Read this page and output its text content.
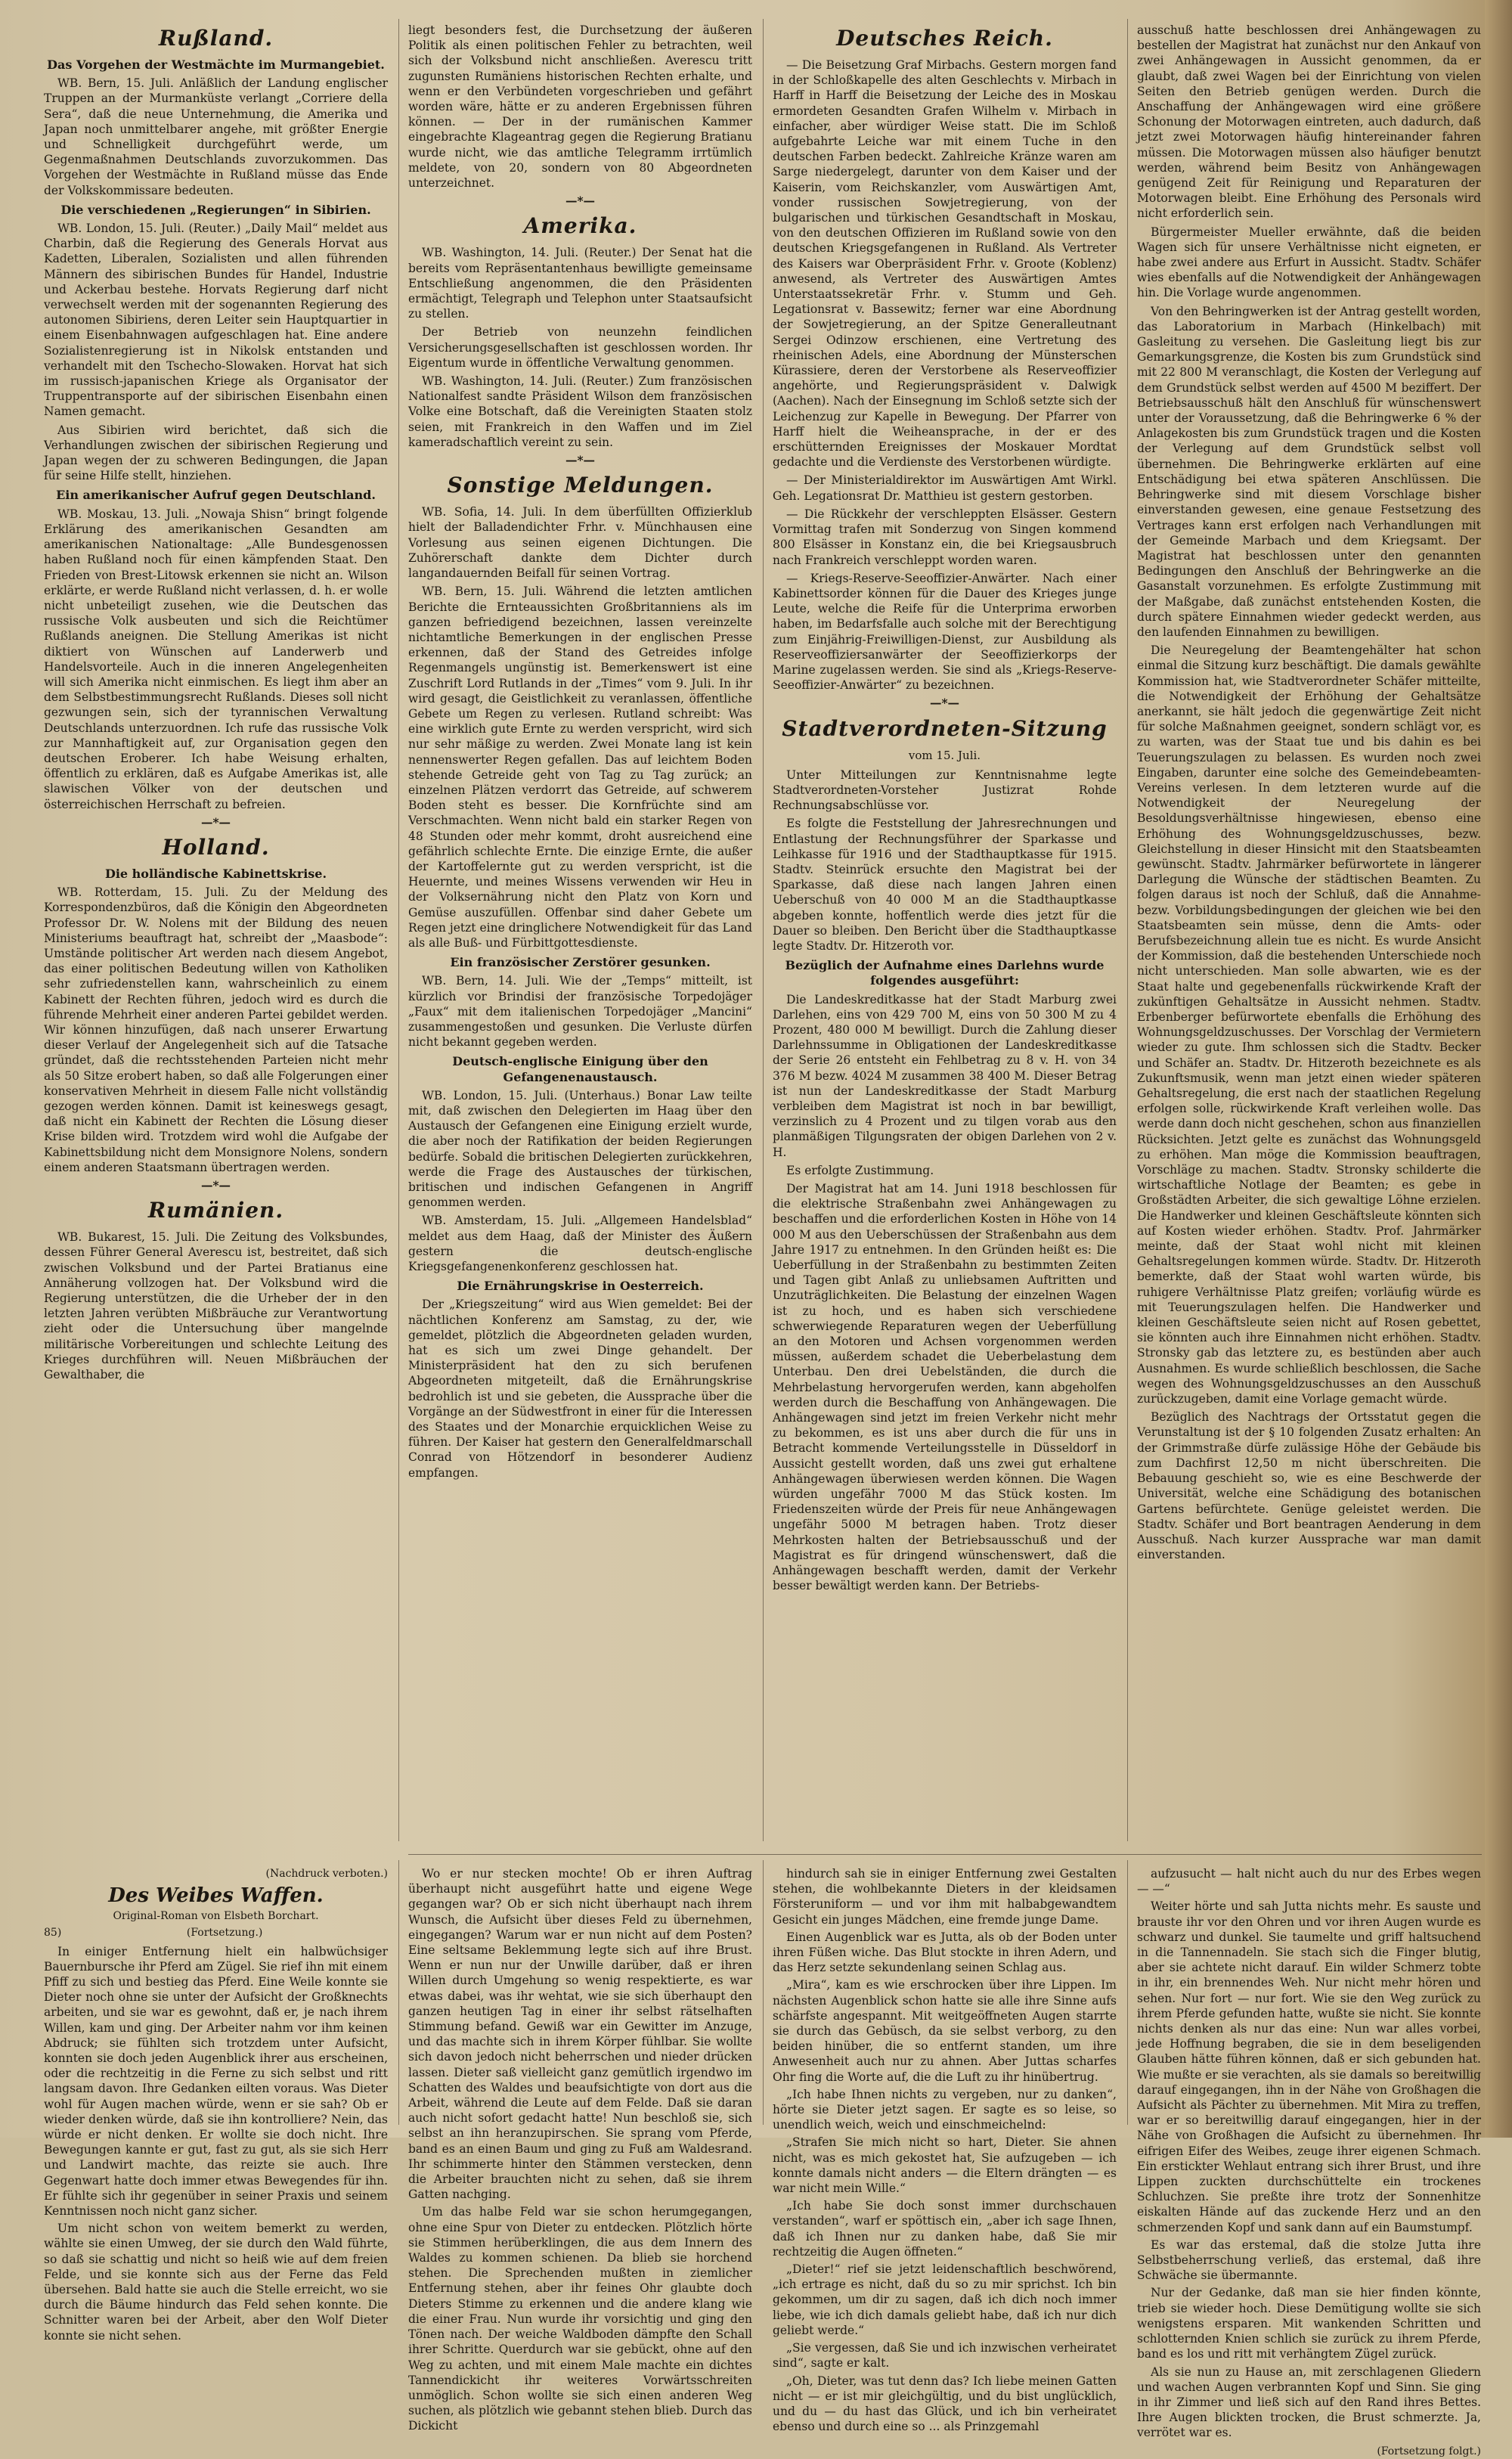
Rußland.
Das Vorgehen der Westmächte im Murmangebiet.

WB. Bern, 15. Juli. Anläßlich der Landung englischer Truppen an der Murmanküste verlangt „Corriere della Sera“, daß die neue Unternehmung, die Amerika und Japan noch unmittelbarer angehe, mit größter Energie und Schnelligkeit durchgeführt werde, um Gegenmaßnahmen Deutschlands zuvorzukommen. Das Vorgehen der Westmächte in Rußland müsse das Ende der Volkskommissare bedeuten.

Die verschiedenen „Regierungen“ in Sibirien.

WB. London, 15. Juli. (Reuter.) „Daily Mail“ meldet aus Charbin, daß die Regierung des Generals Horvat aus Kadetten, Liberalen, Sozialisten und allen führenden Männern des sibirischen Bundes für Handel, Industrie und Ackerbau bestehe. Horvats Regierung darf nicht verwechselt werden mit der sogenannten Regierung des autonomen Sibiriens, deren Leiter sein Hauptquartier in einem Eisenbahnwagen aufgeschlagen hat. Eine andere Sozialistenregierung ist in Nikolsk entstanden und verhandelt mit den Tschecho-Slowaken. Horvat hat sich im russisch-japanischen Kriege als Organisator der Truppentransporte auf der sibirischen Eisenbahn einen Namen gemacht.

Aus Sibirien wird berichtet, daß sich die Verhandlungen zwischen der sibirischen Regierung und Japan wegen der zu schweren Bedingungen, die Japan für seine Hilfe stellt, hinziehen.

Ein amerikanischer Aufruf gegen Deutschland.

WB. Moskau, 13. Juli. „Nowaja Shisn“ bringt folgende Erklärung des amerikanischen Gesandten am amerikanischen Nationaltage: „Alle Bundesgenossen haben Rußland noch für einen kämpfenden Staat. Den Frieden von Brest-Litowsk erkennen sie nicht an. Wilson erklärte, er werde Rußland nicht verlassen, d. h. er wolle nicht unbeteiligt zusehen, wie die Deutschen das russische Volk ausbeuten und sich die Reichtümer Rußlands aneignen. Die Stellung Amerikas ist nicht diktiert von Wünschen auf Landerwerb und Handelsvorteile. Auch in die inneren Angelegenheiten will sich Amerika nicht einmischen. Es liegt ihm aber an dem Selbstbestimmungsrecht Rußlands. Dieses soll nicht gezwungen sein, sich der tyrannischen Verwaltung Deutschlands unterzuordnen. Ich rufe das russische Volk zur Mannhaftigkeit auf, zur Organisation gegen den deutschen Eroberer. Ich habe Weisung erhalten, öffentlich zu erklären, daß es Aufgabe Amerikas ist, alle slawischen Völker von der deutschen und österreichischen Herrschaft zu befreien.

—*—
Holland.
Die holländische Kabinettskrise.

WB. Rotterdam, 15. Juli. Zu der Meldung des Korrespondenzbüros, daß die Königin den Abgeordneten Professor Dr. W. Nolens mit der Bildung des neuen Ministeriums beauftragt hat, schreibt der „Maasbode“: Umstände politischer Art werden nach diesem Angebot, das einer politischen Bedeutung willen von Katholiken sehr zufriedenstellen kann, wahrscheinlich zu einem Kabinett der Rechten führen, jedoch wird es durch die führende Mehrheit einer anderen Partei gebildet werden. Wir können hinzufügen, daß nach unserer Erwartung dieser Verlauf der Angelegenheit sich auf die Tatsache gründet, daß die rechtsstehenden Parteien nicht mehr als 50 Sitze erobert haben, so daß alle Folgerungen einer konservativen Mehrheit in diesem Falle nicht vollständig gezogen werden können. Damit ist keineswegs gesagt, daß nicht ein Kabinett der Rechten die Lösung dieser Krise bilden wird. Trotzdem wird wohl die Aufgabe der Kabinettsbildung nicht dem Monsignore Nolens, sondern einem anderen Staatsmann übertragen werden.

—*—
Rumänien.

WB. Bukarest, 15. Juli. Die Zeitung des Volksbundes, dessen Führer General Averescu ist, bestreitet, daß sich zwischen Volksbund und der Partei Bratianus eine Annäherung vollzogen hat. Der Volksbund wird die Regierung unterstützen, die die Urheber der in den letzten Jahren verübten Mißbräuche zur Verantwortung zieht oder die Untersuchung über mangelnde militärische Vorbereitungen und schlechte Leitung des Krieges durchführen will. Neuen Mißbräuchen der Gewalthaber, die

liegt besonders fest, die Durchsetzung der äußeren Politik als einen politischen Fehler zu betrachten, weil sich der Volksbund nicht anschließen. Averescu tritt zugunsten Rumäniens historischen Rechten erhalte, und wenn er den Verbündeten vorgeschrieben und gefährt worden wäre, hätte er zu anderen Ergebnissen führen können. — Der in der rumänischen Kammer eingebrachte Klageantrag gegen die Regierung Bratianu wurde nicht, wie das amtliche Telegramm irrtümlich meldete, von 20, sondern von 80 Abgeordneten unterzeichnet.

—*—
Amerika.

WB. Washington, 14. Juli. (Reuter.) Der Senat hat die bereits vom Repräsentantenhaus bewilligte gemeinsame Entschließung angenommen, die den Präsidenten ermächtigt, Telegraph und Telephon unter Staatsaufsicht zu stellen.

Der Betrieb von neunzehn feindlichen Versicherungsgesellschaften ist geschlossen worden. Ihr Eigentum wurde in öffentliche Verwaltung genommen.

WB. Washington, 14. Juli. (Reuter.) Zum französischen Nationalfest sandte Präsident Wilson dem französischen Volke eine Botschaft, daß die Vereinigten Staaten stolz seien, mit Frankreich in den Waffen und im Ziel kameradschaftlich vereint zu sein.

—*—
Sonstige Meldungen.

WB. Sofia, 14. Juli. In dem überfüllten Offizierklub hielt der Balladendichter Frhr. v. Münchhausen eine Vorlesung aus seinen eigenen Dichtungen. Die Zuhörerschaft dankte dem Dichter durch langandauernden Beifall für seinen Vortrag.

WB. Bern, 15. Juli. Während die letzten amtlichen Berichte die Ernteaussichten Großbritanniens als im ganzen befriedigend bezeichnen, lassen vereinzelte nichtamtliche Bemerkungen in der englischen Presse erkennen, daß der Stand des Getreides infolge Regenmangels ungünstig ist. Bemerkenswert ist eine Zuschrift Lord Rutlands in der „Times“ vom 9. Juli. In ihr wird gesagt, die Geistlichkeit zu veranlassen, öffentliche Gebete um Regen zu verlesen. Rutland schreibt: Was eine wirklich gute Ernte zu werden verspricht, wird sich nur sehr mäßige zu werden. Zwei Monate lang ist kein nennenswerter Regen gefallen. Das auf leichtem Boden stehende Getreide geht von Tag zu Tag zurück; an einzelnen Plätzen verdorrt das Getreide, auf schwerem Boden steht es besser. Die Kornfrüchte sind am Verschmachten. Wenn nicht bald ein starker Regen von 48 Stunden oder mehr kommt, droht ausreichend eine gefährlich schlechte Ernte. Die einzige Ernte, die außer der Kartoffelernte gut zu werden verspricht, ist die Heuernte, und meines Wissens verwenden wir Heu in der Volksernährung nicht den Platz von Korn und Gemüse auszufüllen. Offenbar sind daher Gebete um Regen jetzt eine dringlichere Notwendigkeit für das Land als alle Buß- und Fürbittgottesdienste.

Ein französischer Zerstörer gesunken.

WB. Bern, 14. Juli. Wie der „Temps“ mitteilt, ist kürzlich vor Brindisi der französische Torpedojäger „Faux“ mit dem italienischen Torpedojäger „Mancini“ zusammengestoßen und gesunken. Die Verluste dürfen nicht bekannt gegeben werden.

Deutsch-englische Einigung über den Gefangenenaustausch.

WB. London, 15. Juli. (Unterhaus.) Bonar Law teilte mit, daß zwischen den Delegierten im Haag über den Austausch der Gefangenen eine Einigung erzielt wurde, die aber noch der Ratifikation der beiden Regierungen bedürfe. Sobald die britischen Delegierten zurückkehren, werde die Frage des Austausches der türkischen, britischen und indischen Gefangenen in Angriff genommen werden.

WB. Amsterdam, 15. Juli. „Allgemeen Handelsblad“ meldet aus dem Haag, daß der Minister des Äußern gestern die deutsch-englische Kriegsgefangenenkonferenz geschlossen hat.

Die Ernährungskrise in Oesterreich.

Der „Kriegszeitung“ wird aus Wien gemeldet: Bei der nächtlichen Konferenz am Samstag, zu der, wie gemeldet, plötzlich die Abgeordneten geladen wurden, hat es sich um zwei Dinge gehandelt. Der Ministerpräsident hat den zu sich berufenen Abgeordneten mitgeteilt, daß die Ernährungskrise bedrohlich ist und sie gebeten, die Aussprache über die Vorgänge an der Südwestfront in einer für die Interessen des Staates und der Monarchie erquicklichen Weise zu führen. Der Kaiser hat gestern den Generalfeldmarschall Conrad von Hötzendorf in besonderer Audienz empfangen.

Deutsches Reich.

— Die Beisetzung Graf Mirbachs. Gestern morgen fand in der Schloßkapelle des alten Geschlechts v. Mirbach in Harff in Harff die Beisetzung der Leiche des in Moskau ermordeten Gesandten Grafen Wilhelm v. Mirbach in einfacher, aber würdiger Weise statt. Die im Schloß aufgebahrte Leiche war mit einem Tuche in den deutschen Farben bedeckt. Zahlreiche Kränze waren am Sarge niedergelegt, darunter von dem Kaiser und der Kaiserin, vom Reichskanzler, vom Auswärtigen Amt, vonder russischen Sowjetregierung, von der bulgarischen und türkischen Gesandtschaft in Moskau, von den deutschen Offizieren im Rußland sowie von den deutschen Kriegsgefangenen in Rußland. Als Vertreter des Kaisers war Oberpräsident Frhr. v. Groote (Koblenz) anwesend, als Vertreter des Auswärtigen Amtes Unterstaatssekretär Frhr. v. Stumm und Geh. Legationsrat v. Bassewitz; ferner war eine Abordnung der Sowjetregierung, an der Spitze Generalleutnant Sergei Odinzow erschienen, eine Vertretung des rheinischen Adels, eine Abordnung der Münsterschen Kürassiere, deren der Verstorbene als Reserveoffizier angehörte, und Regierungspräsident v. Dalwigk (Aachen). Nach der Einsegnung im Schloß setzte sich der Leichenzug zur Kapelle in Bewegung. Der Pfarrer von Harff hielt die Weiheansprache, in der er des erschütternden Ereignisses der Moskauer Mordtat gedachte und die Verdienste des Verstorbenen würdigte.

— Der Ministerialdirektor im Auswärtigen Amt Wirkl. Geh. Legationsrat Dr. Matthieu ist gestern gestorben.

— Die Rückkehr der verschleppten Elsässer. Gestern Vormittag trafen mit Sonderzug von Singen kommend 800 Elsässer in Konstanz ein, die bei Kriegsausbruch nach Frankreich verschleppt worden waren.

— Kriegs-Reserve-Seeoffizier-Anwärter. Nach einer Kabinettsorder können für die Dauer des Krieges junge Leute, welche die Reife für die Unterprima erworben haben, im Bedarfsfalle auch solche mit der Berechtigung zum Einjährig-Freiwilligen-Dienst, zur Ausbildung als Reserveoffiziersanwärter der Seeoffizierkorps der Marine zugelassen werden. Sie sind als „Kriegs-Reserve-Seeoffizier-Anwärter“ zu bezeichnen.

—*—
Stadtverordneten-Sitzung
vom 15. Juli.

Unter Mitteilungen zur Kenntnisnahme legte Stadtverordneten-Vorsteher Justizrat Rohde Rechnungsabschlüsse vor.

Es folgte die Feststellung der Jahresrechnungen und Entlastung der Rechnungsführer der Sparkasse und Leihkasse für 1916 und der Stadthauptkasse für 1915. Stadtv. Steinrück ersuchte den Magistrat bei der Sparkasse, daß diese nach langen Jahren einen Ueberschuß von 40 000 M an die Stadthauptkasse abgeben konnte, hoffentlich werde dies jetzt für die Dauer so bleiben. Den Bericht über die Stadthauptkasse legte Stadtv. Dr. Hitzeroth vor.

Bezüglich der Aufnahme eines Darlehns wurde folgendes ausgeführt:

Die Landeskreditkasse hat der Stadt Marburg zwei Darlehen, eins von 429 700 M, eins von 50 300 M zu 4 Prozent, 480 000 M bewilligt. Durch die Zahlung dieser Darlehnssumme in Obligationen der Landeskreditkasse der Serie 26 entsteht ein Fehlbetrag zu 8 v. H. von 34 376 M bezw. 4024 M zusammen 38 400 M. Dieser Betrag ist nun der Landeskreditkasse der Stadt Marburg verbleiben dem Magistrat ist noch in bar bewilligt, verzinslich zu 4 Prozent und zu tilgen vorab aus den planmäßigen Tilgungsraten der obigen Darlehen von 2 v. H.

Es erfolgte Zustimmung.

Der Magistrat hat am 14. Juni 1918 beschlossen für die elektrische Straßenbahn zwei Anhängewagen zu beschaffen und die erforderlichen Kosten in Höhe von 14 000 M aus den Ueberschüssen der Straßenbahn aus dem Jahre 1917 zu entnehmen. In den Gründen heißt es: Die Ueberfüllung in der Straßenbahn zu bestimmten Zeiten und Tagen gibt Anlaß zu unliebsamen Auftritten und Unzuträglichkeiten. Die Belastung der einzelnen Wagen ist zu hoch, und es haben sich verschiedene schwerwiegende Reparaturen wegen der Ueberfüllung an den Motoren und Achsen vorgenommen werden müssen, außerdem schadet die Ueberbelastung dem Unterbau. Den drei Uebelständen, die durch die Mehrbelastung hervorgerufen werden, kann abgeholfen werden durch die Beschaffung von Anhängewagen. Die Anhängewagen sind jetzt im freien Verkehr nicht mehr zu bekommen, es ist uns aber durch die für uns in Betracht kommende Verteilungsstelle in Düsseldorf in Aussicht gestellt worden, daß uns zwei gut erhaltene Anhängewagen überwiesen werden können. Die Wagen würden ungefähr 7000 M das Stück kosten. Im Friedenszeiten würde der Preis für neue Anhängewagen ungefähr 5000 M betragen haben. Trotz dieser Mehrkosten halten der Betriebsausschuß und der Magistrat es für dringend wünschenswert, daß die Anhängewagen beschafft werden, damit der Verkehr besser bewältigt werden kann. Der Betriebs-

ausschuß hatte beschlossen drei Anhängewagen zu bestellen der Magistrat hat zunächst nur den Ankauf von zwei Anhängewagen in Aussicht genommen, da er glaubt, daß zwei Wagen bei der Einrichtung von vielen Seiten den Betrieb genügen werden. Durch die Anschaffung der Anhängewagen wird eine größere Schonung der Motorwagen eintreten, auch dadurch, daß jetzt zwei Motorwagen häufig hintereinander fahren müssen. Die Motorwagen müssen also häufiger benutzt werden, während beim Besitz von Anhängewagen genügend Zeit für Reinigung und Reparaturen der Motorwagen bleibt. Eine Erhöhung des Personals wird nicht erforderlich sein.

Bürgermeister Mueller erwähnte, daß die beiden Wagen sich für unsere Verhältnisse nicht eigneten, er habe zwei andere aus Erfurt in Aussicht. Stadtv. Schäfer wies ebenfalls auf die Notwendigkeit der Anhängewagen hin. Die Vorlage wurde angenommen.

Von den Behringwerken ist der Antrag gestellt worden, das Laboratorium in Marbach (Hinkelbach) mit Gasleitung zu versehen. Die Gasleitung liegt bis zur Gemarkungsgrenze, die Kosten bis zum Grundstück sind mit 22 800 M veranschlagt, die Kosten der Verlegung auf dem Grundstück selbst werden auf 4500 M beziffert. Der Betriebsausschuß hält den Anschluß für wünschenswert unter der Voraussetzung, daß die Behringwerke 6 % der Anlagekosten bis zum Grundstück tragen und die Kosten der Verlegung auf dem Grundstück selbst voll übernehmen. Die Behringwerke erklärten auf eine Entschädigung bei etwa späteren Anschlüssen. Die Behringwerke sind mit diesem Vorschlage bisher einverstanden gewesen, eine genaue Festsetzung des Vertrages kann erst erfolgen nach Verhandlungen mit der Gemeinde Marbach und dem Kriegsamt. Der Magistrat hat beschlossen unter den genannten Bedingungen den Anschluß der Behringwerke an die Gasanstalt vorzunehmen. Es erfolgte Zustimmung mit der Maßgabe, daß zunächst entstehenden Kosten, die durch spätere Einnahmen wieder gedeckt werden, aus den laufenden Einnahmen zu bewilligen.

Die Neuregelung der Beamtengehälter hat schon einmal die Sitzung kurz beschäftigt. Die damals gewählte Kommission hat, wie Stadtverordneter Schäfer mitteilte, die Notwendigkeit der Erhöhung der Gehaltsätze anerkannt, sie hält jedoch die gegenwärtige Zeit nicht für solche Maßnahmen geeignet, sondern schlägt vor, es zu warten, was der Staat tue und bis dahin es bei Teuerungszulagen zu belassen. Es wurden noch zwei Eingaben, darunter eine solche des Gemeindebeamten-Vereins verlesen. In dem letzteren wurde auf die Notwendigkeit der Neuregelung der Besoldungsverhältnisse hingewiesen, ebenso eine Erhöhung des Wohnungsgeldzuschusses, bezw. Gleichstellung in dieser Hinsicht mit den Staatsbeamten gewünscht. Stadtv. Jahrmärker befürwortete in längerer Darlegung die Wünsche der städtischen Beamten. Zu folgen daraus ist noch der Schluß, daß die Annahme- bezw. Vorbildungsbedingungen der gleichen wie bei den Staatsbeamten sein müsse, denn die Amts- oder Berufsbezeichnung allein tue es nicht. Es wurde Ansicht der Kommission, daß die bestehenden Unterschiede noch nicht unterschieden. Man solle abwarten, wie es der Staat halte und gegebenenfalls rückwirkende Kraft der zukünftigen Gehaltsätze in Aussicht nehmen. Stadtv. Erbenberger befürwortete ebenfalls die Erhöhung des Wohnungsgeldzuschusses. Der Vorschlag der Vermietern wieder zu gute. Ihm schlossen sich die Stadtv. Becker und Schäfer an. Stadtv. Dr. Hitzeroth bezeichnete es als Zukunftsmusik, wenn man jetzt einen wieder späteren Gehaltsregelung, die erst nach der staatlichen Regelung erfolgen solle, rückwirkende Kraft verleihen wolle. Das werde dann doch nicht geschehen, schon aus finanziellen Rücksichten. Jetzt gelte es zunächst das Wohnungsgeld zu erhöhen. Man möge die Kommission beauftragen, Vorschläge zu machen. Stadtv. Stronsky schilderte die wirtschaftliche Notlage der Beamten; es gebe in Großstädten Arbeiter, die sich gewaltige Löhne erzielen. Die Handwerker und kleinen Geschäftsleute könnten sich auf Kosten wieder erhöhen. Stadtv. Prof. Jahrmärker meinte, daß der Staat wohl nicht mit kleinen Gehaltsregelungen kommen würde. Stadtv. Dr. Hitzeroth bemerkte, daß der Staat wohl warten würde, bis ruhigere Verhältnisse Platz greifen; vorläufig würde es mit Teuerungszulagen helfen. Die Handwerker und kleinen Geschäftsleute seien nicht auf Rosen gebettet, sie könnten auch ihre Einnahmen nicht erhöhen. Stadtv. Stronsky gab das letztere zu, es bestünden aber auch Ausnahmen. Es wurde schließlich beschlossen, die Sache wegen des Wohnungsgeldzuschusses an den Ausschuß zurückzugeben, damit eine Vorlage gemacht würde.

Bezüglich des Nachtrags der Ortsstatut gegen die Verunstaltung ist der § 10 folgenden Zusatz erhalten: An der Grimmstraße dürfe zulässige Höhe der Gebäude bis zum Dachfirst 12,50 m nicht überschreiten. Die Bebauung geschieht so, wie es eine Beschwerde der Universität, welche eine Schädigung des botanischen Gartens befürchtete. Genüge geleistet werden. Die Stadtv. Schäfer und Bort beantragen Aenderung in dem Ausschuß. Nach kurzer Aussprache war man damit einverstanden.

(Nachdruck verboten.)
Des Weibes Waffen.
Original-Roman von Elsbeth Borchart.
85)	(Fortsetzung.)

In einiger Entfernung hielt ein halbwüchsiger Bauernbursche ihr Pferd am Zügel. Sie rief ihn mit einem Pfiff zu sich und bestieg das Pferd. Eine Weile konnte sie Dieter noch ohne sie unter der Aufsicht der Großknechts arbeiten, und sie war es gewohnt, daß er, je nach ihrem Willen, kam und ging. Der Arbeiter nahm vor ihm keinen Abdruck; sie fühlten sich trotzdem unter Aufsicht, konnten sie doch jeden Augenblick ihrer aus erscheinen, oder die rechtzeitig in die Ferne zu sich selbst und ritt langsam davon. Ihre Gedanken eilten voraus. Was Dieter wohl für Augen machen würde, wenn er sie sah? Ob er wieder denken würde, daß sie ihn kontrolliere? Nein, das würde er nicht denken. Er wollte sie doch nicht. Ihre Bewegungen kannte er gut, fast zu gut, als sie sich Herr und Landwirt machte, das reizte sie auch. Ihre Gegenwart hatte doch immer etwas Bewegendes für ihn. Er fühlte sich ihr gegenüber in seiner Praxis und seinem Kenntnissen noch nicht ganz sicher.

Um nicht schon von weitem bemerkt zu werden, wählte sie einen Umweg, der sie durch den Wald führte, so daß sie schattig und nicht so heiß wie auf dem freien Felde, und sie konnte sich aus der Ferne das Feld übersehen. Bald hatte sie auch die Stelle erreicht, wo sie durch die Bäume hindurch das Feld sehen konnte. Die Schnitter waren bei der Arbeit, aber den Wolf Dieter konnte sie nicht sehen.

Wo er nur stecken mochte! Ob er ihren Auftrag überhaupt nicht ausgeführt hatte und eigene Wege gegangen war? Ob er sich nicht überhaupt nach ihrem Wunsch, die Aufsicht über dieses Feld zu übernehmen, eingegangen? Warum war er nun nicht auf dem Posten? Eine seltsame Beklemmung legte sich auf ihre Brust. Wenn er nun nur der Unwille darüber, daß er ihren Willen durch Umgehung so wenig respektierte, es war etwas dabei, was ihr wehtat, wie sie sich überhaupt den ganzen heutigen Tag in einer ihr selbst rätselhaften Stimmung befand. Gewiß war ein Gewitter im Anzuge, und das machte sich in ihrem Körper fühlbar. Sie wollte sich davon jedoch nicht beherrschen und nieder drücken lassen. Dieter saß vielleicht ganz gemütlich irgendwo im Schatten des Waldes und beaufsichtigte von dort aus die Arbeit, während die Leute auf dem Felde. Daß sie daran auch nicht sofort gedacht hatte! Nun beschloß sie, sich selbst an ihn heranzupirschen. Sie sprang vom Pferde, band es an einen Baum und ging zu Fuß am Waldesrand. Ihr schimmerte hinter den Stämmen verstecken, denn die Arbeiter brauchten nicht zu sehen, daß sie ihrem Gatten nachging.

Um das halbe Feld war sie schon herumgegangen, ohne eine Spur von Dieter zu entdecken. Plötzlich hörte sie Stimmen herüberklingen, die aus dem Innern des Waldes zu kommen schienen. Da blieb sie horchend stehen. Die Sprechenden mußten in ziemlicher Entfernung stehen, aber ihr feines Ohr glaubte doch Dieters Stimme zu erkennen und die andere klang wie die einer Frau. Nun wurde ihr vorsichtig und ging den Tönen nach. Der weiche Waldboden dämpfte den Schall ihrer Schritte. Querdurch war sie gebückt, ohne auf den Weg zu achten, und mit einem Male machte ein dichtes Tannendickicht ihr weiteres Vorwärtsschreiten unmöglich. Schon wollte sie sich einen anderen Weg suchen, als plötzlich wie gebannt stehen blieb. Durch das Dickicht

hindurch sah sie in einiger Entfernung zwei Gestalten stehen, die wohlbekannte Dieters in der kleidsamen Försteruniform — und vor ihm mit halbabgewandtem Gesicht ein junges Mädchen, eine fremde junge Dame.

Einen Augenblick war es Jutta, als ob der Boden unter ihren Füßen wiche. Das Blut stockte in ihren Adern, und das Herz setzte sekundenlang seinen Schlag aus.

„Mira“, kam es wie erschrocken über ihre Lippen. Im nächsten Augenblick schon hatte sie alle ihre Sinne aufs schärfste angespannt. Mit weitgeöffneten Augen starrte sie durch das Gebüsch, da sie selbst verborg, zu den beiden hinüber, die so entfernt standen, um ihre Anwesenheit auch nur zu ahnen. Aber Juttas scharfes Ohr fing die Worte auf, die die Luft zu ihr hinübertrug.

„Ich habe Ihnen nichts zu vergeben, nur zu danken“, hörte sie Dieter jetzt sagen. Er sagte es so leise, so unendlich weich, weich und einschmeichelnd:

„Strafen Sie mich nicht so hart, Dieter. Sie ahnen nicht, was es mich gekostet hat, Sie aufzugeben — ich konnte damals nicht anders — die Eltern drängten — es war nicht mein Wille.“

„Ich habe Sie doch sonst immer durchschauen verstanden“, warf er spöttisch ein, „aber ich sage Ihnen, daß ich Ihnen nur zu danken habe, daß Sie mir rechtzeitig die Augen öffneten.“

„Dieter!“ rief sie jetzt leidenschaftlich beschwörend, „ich ertrage es nicht, daß du so zu mir sprichst. Ich bin gekommen, um dir zu sagen, daß ich dich noch immer liebe, wie ich dich damals geliebt habe, daß ich nur dich geliebt werde.“

„Sie vergessen, daß Sie und ich inzwischen verheiratet sind“, sagte er kalt.

„Oh, Dieter, was tut denn das? Ich liebe meinen Gatten nicht — er ist mir gleichgültig, und du bist unglücklich, und du — du hast das Glück, und ich bin verheiratet ebenso und durch eine so ... als Prinzgemahl

aufzusucht — halt nicht auch du nur des Erbes wegen — —“

Weiter hörte und sah Jutta nichts mehr. Es sauste und brauste ihr vor den Ohren und vor ihren Augen wurde es schwarz und dunkel. Sie taumelte und griff haltsuchend in die Tannennadeln. Sie stach sich die Finger blutig, aber sie achtete nicht darauf. Ein wilder Schmerz tobte in ihr, ein brennendes Weh. Nur nicht mehr hören und sehen. Nur fort — nur fort. Wie sie den Weg zurück zu ihrem Pferde gefunden hatte, wußte sie nicht. Sie konnte nichts denken als nur das eine: Nun war alles vorbei, jede Hoffnung begraben, die sie in dem beseligenden Glauben hätte führen können, daß er sich gebunden hat. Wie mußte er sie verachten, als sie damals so bereitwillig darauf eingegangen, ihn in der Nähe von Großhagen die Aufsicht als Pächter zu übernehmen. Mit Mira zu treffen, war er so bereitwillig darauf eingegangen, hier in der Nähe von Großhagen die Aufsicht zu übernehmen. Ihr eifrigen Eifer des Weibes, zeuge ihrer eigenen Schmach. Ein erstickter Wehlaut entrang sich ihrer Brust, und ihre Lippen zuckten durchschüttelte ein trockenes Schluchzen. Sie preßte ihre trotz der Sonnenhitze eiskalten Hände auf das zuckende Herz und an den schmerzenden Kopf und sank dann auf ein Baumstumpf.

Es war das erstemal, daß die stolze Jutta ihre Selbstbeherrschung verließ, das erstemal, daß ihre Schwäche sie übermannte.

Nur der Gedanke, daß man sie hier finden könnte, trieb sie wieder hoch. Diese Demütigung wollte sie sich wenigstens ersparen. Mit wankenden Schritten und schlotternden Knien schlich sie zurück zu ihrem Pferde, band es los und ritt mit verhängtem Zügel zurück.

Als sie nun zu Hause an, mit zerschlagenen Gliedern und wachen Augen verbrannten Kopf und Sinn. Sie ging in ihr Zimmer und ließ sich auf den Rand ihres Bettes. Ihre Augen blickten trocken, die Brust schmerzte. Ja, verrötet war es.

(Fortsetzung folgt.)
